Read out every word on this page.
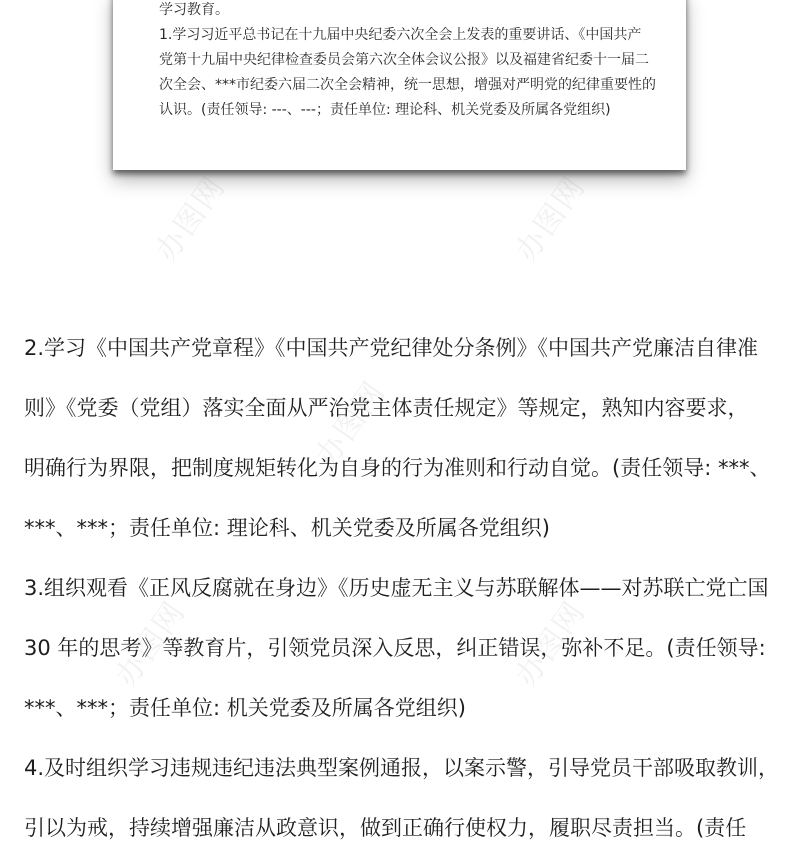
学习教育。

1.学习习近平总书记在十九届中央纪委六次全会上发表的重要讲话、《中国共产

党第十九届中央纪律检查委员会第六次全体会议公报》以及福建省纪委十一届二

次全会、***市纪委六届二次全会精神，统一思想，增强对严明党的纪律重要性的

认识。(责任领导: ---、---；责任单位: 理论科、机关党委及所属各党组织)

2.学习《中国共产党章程》《中国共产党纪律处分条例》《中国共产党廉洁自律准

则》《党委（党组）落实全面从严治党主体责任规定》等规定，熟知内容要求，

明确行为界限，把制度规矩转化为自身的行为准则和行动自觉。(责任领导: ***、

***、***；责任单位: 理论科、机关党委及所属各党组织)

3.组织观看《正风反腐就在身边》《历史虚无主义与苏联解体——对苏联亡党亡国

30 年的思考》等教育片，引领党员深入反思，纠正错误，弥补不足。(责任领导:

***、***；责任单位: 机关党委及所属各党组织)

4.及时组织学习违规违纪违法典型案例通报，以案示警，引导党员干部吸取教训，

引以为戒，持续增强廉洁从政意识，做到正确行使权力，履职尽责担当。(责任

办图网	办图网
办图网
办图网	办图网
